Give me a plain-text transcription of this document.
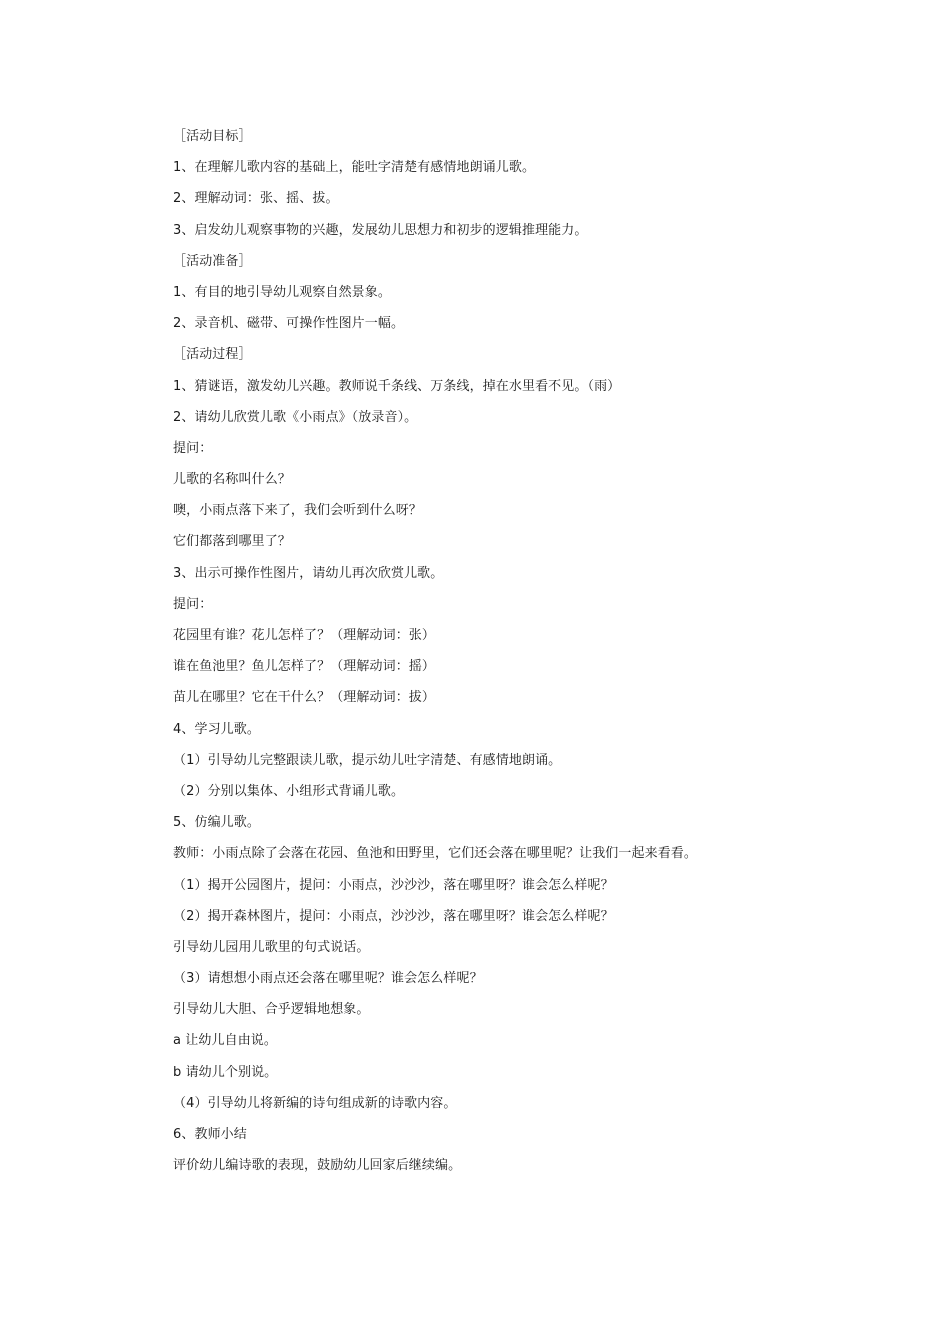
［活动目标］
1、在理解儿歌内容的基础上，能吐字清楚有感情地朗诵儿歌。
2、理解动词：张、摇、拔。
3、启发幼儿观察事物的兴趣，发展幼儿思想力和初步的逻辑推理能力。
［活动准备］
1、有目的地引导幼儿观察自然景象。
2、录音机、磁带、可操作性图片一幅。
［活动过程］
1、猜谜语，激发幼儿兴趣。教师说千条线、万条线，掉在水里看不见。（雨）
2、请幼儿欣赏儿歌《小雨点》（放录音）。
提问：
儿歌的名称叫什么？
噢，小雨点落下来了，我们会听到什么呀？
它们都落到哪里了？
3、出示可操作性图片，请幼儿再次欣赏儿歌。
提问：
花园里有谁？花儿怎样了？（理解动词：张）
谁在鱼池里？鱼儿怎样了？（理解动词：摇）
苗儿在哪里？它在干什么？（理解动词：拔）
4、学习儿歌。
（1）引导幼儿完整跟读儿歌，提示幼儿吐字清楚、有感情地朗诵。
（2）分别以集体、小组形式背诵儿歌。
5、仿编儿歌。
教师：小雨点除了会落在花园、鱼池和田野里，它们还会落在哪里呢？让我们一起来看看。
（1）揭开公园图片，提问：小雨点，沙沙沙，落在哪里呀？谁会怎么样呢？
（2）揭开森林图片，提问：小雨点，沙沙沙，落在哪里呀？谁会怎么样呢？
引导幼儿园用儿歌里的句式说话。
（3）请想想小雨点还会落在哪里呢？谁会怎么样呢？
引导幼儿大胆、合乎逻辑地想象。
a 让幼儿自由说。
b 请幼儿个别说。
（4）引导幼儿将新编的诗句组成新的诗歌内容。
6、教师小结
评价幼儿编诗歌的表现，鼓励幼儿回家后继续编。
